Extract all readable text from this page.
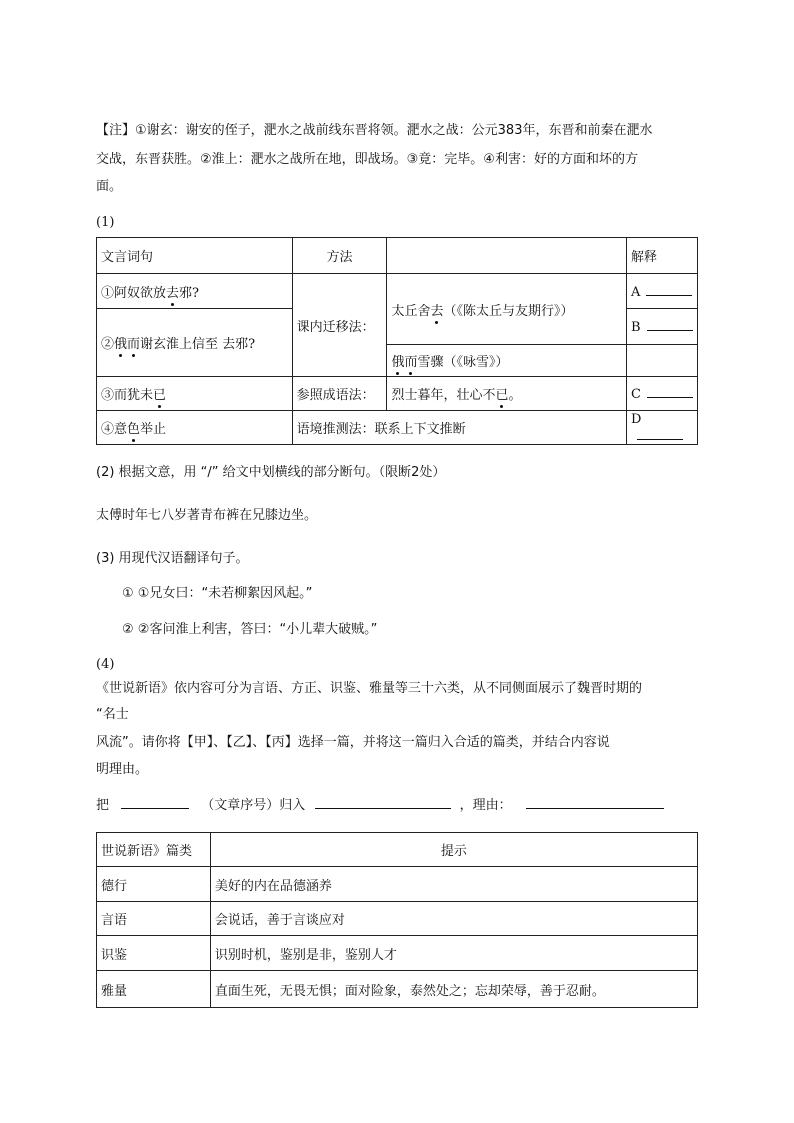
【注】①谢玄：谢安的侄子，淝水之战前线东晋将领。淝水之战：公元383年，东晋和前秦在淝水

交战，东晋获胜。②淮上：淝水之战所在地，即战场。③竟：完毕。④利害：好的方面和坏的方

面。

(1)

文言词句	方法		解释
①阿奴欲放去邪?	课内迁移法：	太丘舍去（《陈太丘与友期行》）	A
②俄而谢玄淮上信至 去邪?			B
		俄而雪骤（《咏雪》）	
③而犹未已	参照成语法：	烈士暮年，壮心不已。	C
④意色举止	语境推测法：联系上下文推断		D

(2) 根据文意，用 “/” 给文中划横线的部分断句。（限断2处）

太傅时年七八岁著青布裤在兄膝边坐。

(3) 用现代汉语翻译句子。

① ①兄女曰：“未若柳絮因风起。”

② ②客问淮上利害，答曰：“小儿辈大破贼。”

(4)

《世说新语》依内容可分为言语、方正、识鉴、雅量等三十六类，从不同侧面展示了魏晋时期的

“名士

风流”。请你将【甲】、【乙】、【丙】选择一篇，并将这一篇归入合适的篇类，并结合内容说

明理由。

把	（文章序号）归入	，理由：

世说新语》篇类	提示
德行	美好的内在品德涵养
言语	会说话，善于言谈应对
识鉴	识别时机，鉴别是非，鉴别人才
雅量	直面生死，无畏无惧；面对险象，泰然处之；忘却荣辱，善于忍耐。
